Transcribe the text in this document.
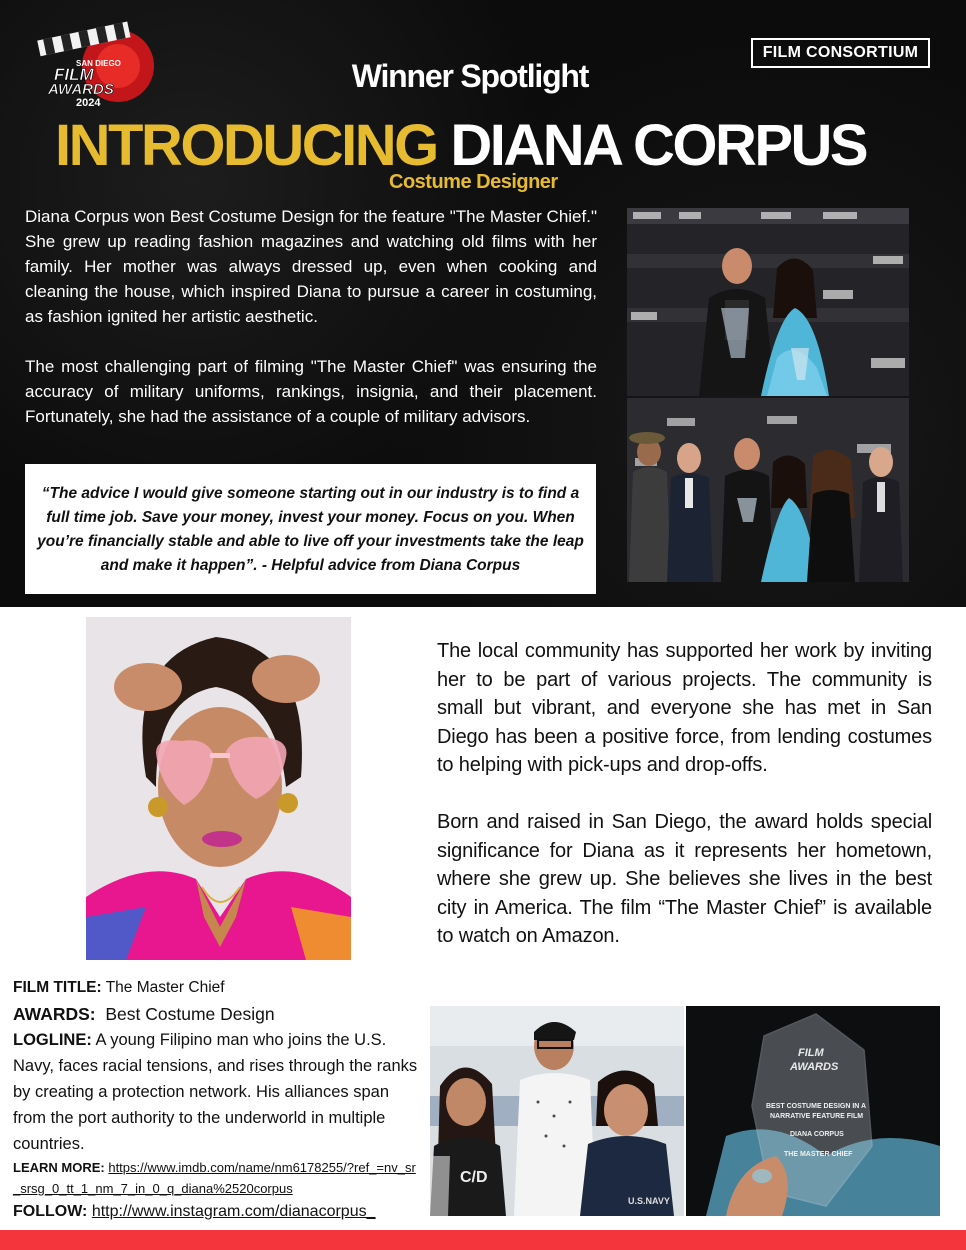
SAN DIEGO
FILM
AWARDS
2024
FILM CONSORTIUM
Winner Spotlight
INTRODUCING DIANA CORPUS
Costume Designer

Diana Corpus won Best Costume Design for the feature "The Master Chief." She grew up reading fashion magazines and watching old films with her family. Her mother was always dressed up, even when cooking and cleaning the house, which inspired Diana to pursue a career in costuming, as fashion ignited her artistic aesthetic.

The most challenging part of filming "The Master Chief" was ensuring the accuracy of military uniforms, rankings, insignia, and their placement. Fortunately, she had the assistance of a couple of military advisors.

“The advice I would give someone starting out in our industry is to find a full time job. Save your money, invest your money. Focus on you. When you’re financially stable and able to live off your investments take the leap and make it happen”. - Helpful advice from Diana Corpus

The local community has supported her work by inviting her to be part of various projects. The community is small but vibrant, and everyone she has met in San Diego has been a positive force, from lending costumes to helping with pick-ups and drop-offs.

Born and raised in San Diego, the award holds special significance for Diana as it represents her hometown, where she grew up. She believes she lives in the best city in America. The film “The Master Chief” is available to watch on Amazon.

FILM TITLE: The Master Chief
AWARDS: Best Costume Design
LOGLINE: A young Filipino man who joins the U.S. Navy, faces racial tensions, and rises through the ranks by creating a protection network. His alliances span from the port authority to the underworld in multiple countries.
LEARN MORE: https://www.imdb.com/name/nm6178255/?ref_=nv_sr_srsg_0_tt_1_nm_7_in_0_q_diana%2520corpus
FOLLOW: http://www.instagram.com/dianacorpus_
C/D
U.S.NAVY
FILM
AWARDS
BEST COSTUME DESIGN IN A
NARRATIVE FEATURE FILM
DIANA CORPUS
THE MASTER CHIEF
